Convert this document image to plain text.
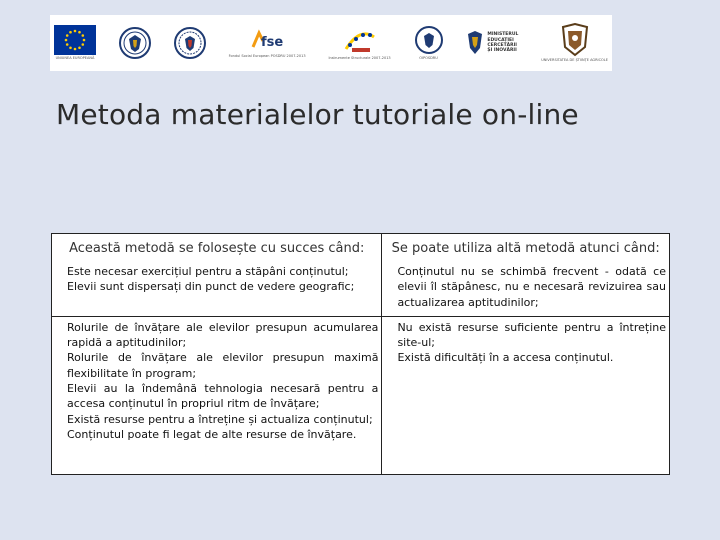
UNIUNEA EUROPEANĂ
fse
Fondul Social European POSDRU 2007-2013	Instrumente Structurale 2007-2013	OIPOSDRU
MINISTERUL
EDUCAȚIEI
CERCETĂRII
ȘI INOVĂRII
UNIVERSITATEA DE ȘTIINȚE AGRICOLE
Metoda materialelor tutoriale on-line
Această metodă se folosește cu succes când:	Se poate utiliza altă metodă atunci când:

Este necesar exercițiul pentru a stăpâni conținutul;
Elevii sunt dispersați din punct de vedere geografic;	Conținutul nu se schimbă frecvent - odată ce elevii îl stăpânesc, nu e necesară revizuirea sau actualizarea aptitudinilor;

Rolurile de învățare ale elevilor presupun acumularea rapidă a aptitudinilor;
Rolurile de învățare ale elevilor presupun maximă flexibilitate în program;
Elevii au la îndemână tehnologia necesară pentru a accesa conținutul în propriul ritm de învățare;
Există resurse pentru a întreține și actualiza conținutul;
Conținutul poate fi legat de alte resurse de învățare.	Nu există resurse suficiente pentru a întreține site-ul;
Există dificultăți în a accesa conținutul.
